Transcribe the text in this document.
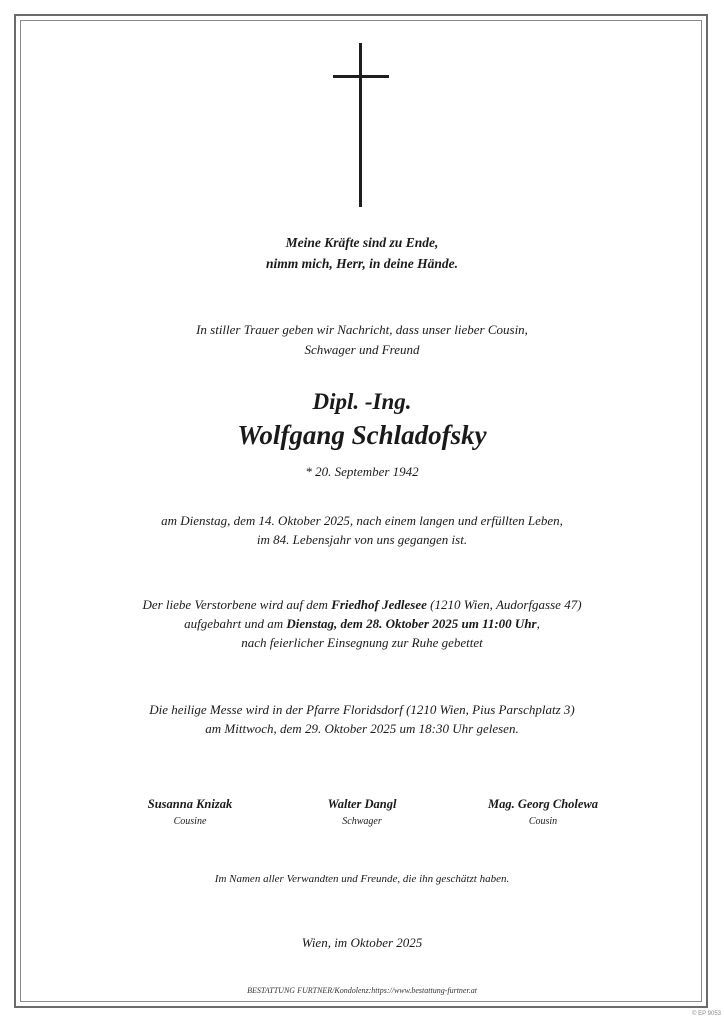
Meine Kräfte sind zu Ende,
nimm mich, Herr, in deine Hände.
In stiller Trauer geben wir Nachricht, dass unser lieber Cousin,
Schwager und Freund
Dipl. -Ing.
Wolfgang Schladofsky
* 20. September 1942
am Dienstag, dem 14. Oktober 2025, nach einem langen und erfüllten Leben,
im 84. Lebensjahr von uns gegangen ist.
Der liebe Verstorbene wird auf dem Friedhof Jedlesee (1210 Wien, Audorfgasse 47)
aufgebahrt und am Dienstag, dem 28. Oktober 2025 um 11:00 Uhr,
nach feierlicher Einsegnung zur Ruhe gebettet
Die heilige Messe wird in der Pfarre Floridsdorf (1210 Wien, Pius Parschplatz 3)
am Mittwoch, dem 29. Oktober 2025 um 18:30 Uhr gelesen.
Susanna Knizak
Cousine
Walter Dangl
Schwager
Mag. Georg Cholewa
Cousin
Im Namen aller Verwandten und Freunde, die ihn geschätzt haben.
Wien, im Oktober 2025
BESTATTUNG FURTNER/Kondolenz:https://www.bestattung-furtner.at
© EP 9053
